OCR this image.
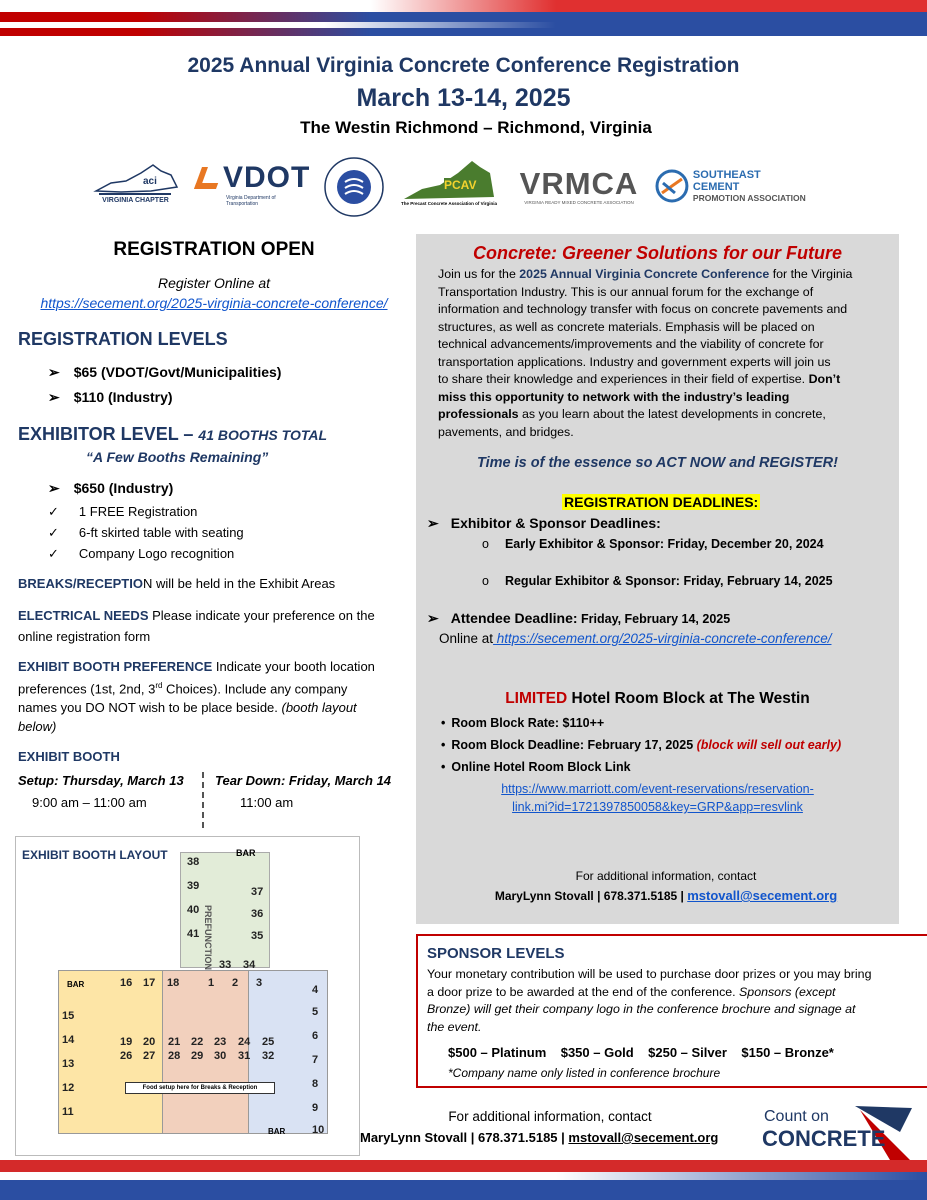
2025 Annual Virginia Concrete Conference Registration
March 13-14, 2025
The Westin Richmond – Richmond, Virginia
aci
VIRGINIA CHAPTER
VDOT
Virginia Department of Transportation
PCAV
The Precast Concrete Association of Virginia
VRMCA
VIRGINIA READY MIXED CONCRETE ASSOCIATION
SOUTHEAST CEMENT
PROMOTION ASSOCIATION
REGISTRATION OPEN
Register Online at
https://secement.org/2025-virginia-concrete-conference/
REGISTRATION LEVELS
➢ $65 (VDOT/Govt/Municipalities)
➢ $110 (Industry)
EXHIBITOR LEVEL – 41 BOOTHS TOTAL
“A Few Booths Remaining”
➢ $650 (Industry)
✓ 1 FREE Registration
✓ 6-ft skirted table with seating
✓ Company Logo recognition
BREAKS/RECEPTION will be held in the Exhibit Areas
ELECTRICAL NEEDS Please indicate your preference on the
online registration form
EXHIBIT BOOTH PREFERENCE Indicate your booth location
preferences (1st, 2nd, 3rd Choices). Include any company
names you DO NOT wish to be place beside. (booth layout
below)
EXHIBIT BOOTH
Setup: Thursday, March 13
9:00 am – 11:00 am
Tear Down: Friday, March 14
11:00 am
EXHIBIT BOOTH LAYOUT
PREFUNCTION
BAR
BAR
BAR
Food setup here for Breaks & Reception
15
14
13
12
11
4
5
6
7
8
9
10
16 17 18	1 2 3
19 20 21 22 23 24 25
26 27 28 29 30 31 32
38
39
40
41
37
36
35
33 34
Concrete: Greener Solutions for our Future
Join us for the 2025 Annual Virginia Concrete Conference for the Virginia
Transportation Industry. This is our annual forum for the exchange of
information and technology transfer with focus on concrete pavements and
structures, as well as concrete materials. Emphasis will be placed on
technical advancements/improvements and the viability of concrete for
transportation applications. Industry and government experts will join us
to share their knowledge and experiences in their field of expertise. Don’t
miss this opportunity to network with the industry’s leading
professionals as you learn about the latest developments in concrete,
pavements, and bridges.
Time is of the essence so ACT NOW and REGISTER!
REGISTRATION DEADLINES:
➢ Exhibitor & Sponsor Deadlines:
o Early Exhibitor & Sponsor: Friday, December 20, 2024
o Regular Exhibitor & Sponsor: Friday, February 14, 2025
➢ Attendee Deadline: Friday, February 14, 2025
Online at https://secement.org/2025-virginia-concrete-conference/
LIMITED Hotel Room Block at The Westin
• Room Block Rate: $110++
• Room Block Deadline: February 17, 2025 (block will sell out early)
• Online Hotel Room Block Link
https://www.marriott.com/event-reservations/reservation-
link.mi?id=1721397850058&key=GRP&app=resvlink
For additional information, contact
MaryLynn Stovall | 678.371.5185 | mstovall@secement.org
SPONSOR LEVELS
Your monetary contribution will be used to purchase door prizes or you may bring
a door prize to be awarded at the end of the conference. Sponsors (except
Bronze) will get their company logo in the conference brochure and signage at
the event.
$500 – Platinum    $350 – Gold    $250 – Silver    $150 – Bronze*
*Company name only listed in conference brochure
For additional information, contact
MaryLynn Stovall | 678.371.5185 | mstovall@secement.org
Count on
CONCRETE
